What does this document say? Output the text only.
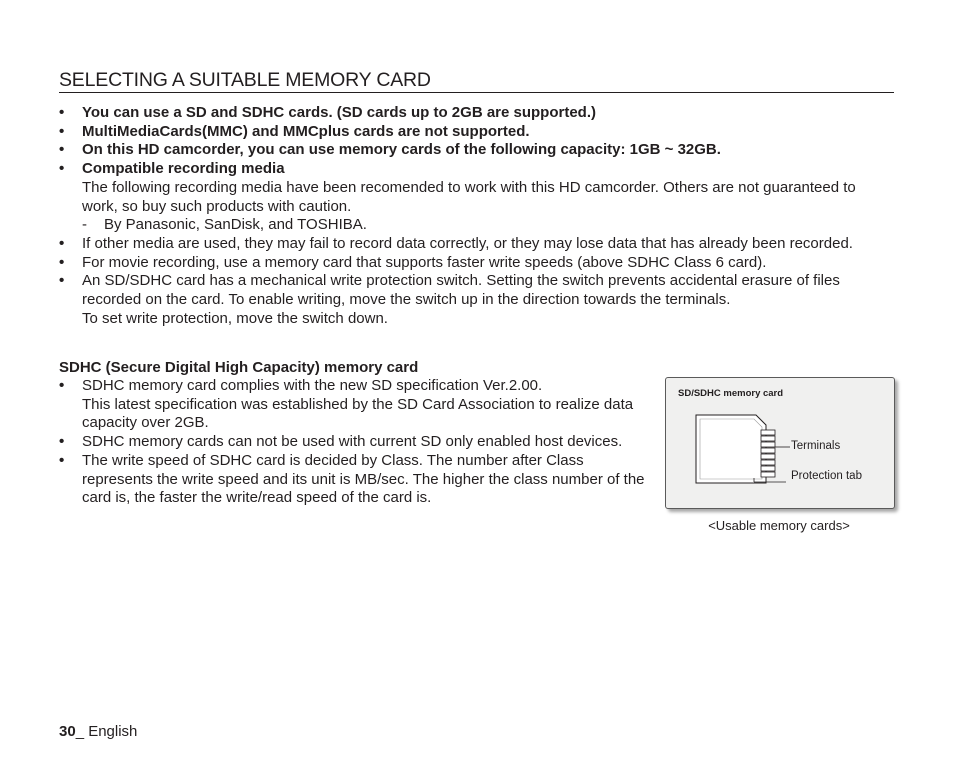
SELECTING A SUITABLE MEMORY CARD
• You can use a SD and SDHC cards. (SD cards up to 2GB are supported.)
• MultiMediaCards(MMC) and MMCplus cards are not supported.
• On this HD camcorder, you can use memory cards of the following capacity: 1GB ~ 32GB.
• Compatible recording media
The following recording media have been recomended to work with this HD camcorder. Others are not guaranteed to work, so buy such products with caution.
- By Panasonic, SanDisk, and TOSHIBA.
• If other media are used, they may fail to record data correctly, or they may lose data that has already been recorded.
• For movie recording, use a memory card that supports faster write speeds (above SDHC Class 6 card).
• An SD/SDHC card has a mechanical write protection switch. Setting the switch prevents accidental erasure of files recorded on the card. To enable writing, move the switch up in the direction towards the terminals.
To set write protection, move the switch down.
SDHC (Secure Digital High Capacity) memory card
• SDHC memory card complies with the new SD specification Ver.2.00.
This latest specification was established by the SD Card Association to realize data capacity over 2GB.
• SDHC memory cards can not be used with current SD only enabled host devices.
• The write speed of SDHC card is decided by Class. The number after Class represents the write speed and its unit is MB/sec. The higher the class number of the card is, the faster the write/read speed of the card is.
SD/SDHC memory card
Terminals
Protection tab
<Usable memory cards>
30_ English
